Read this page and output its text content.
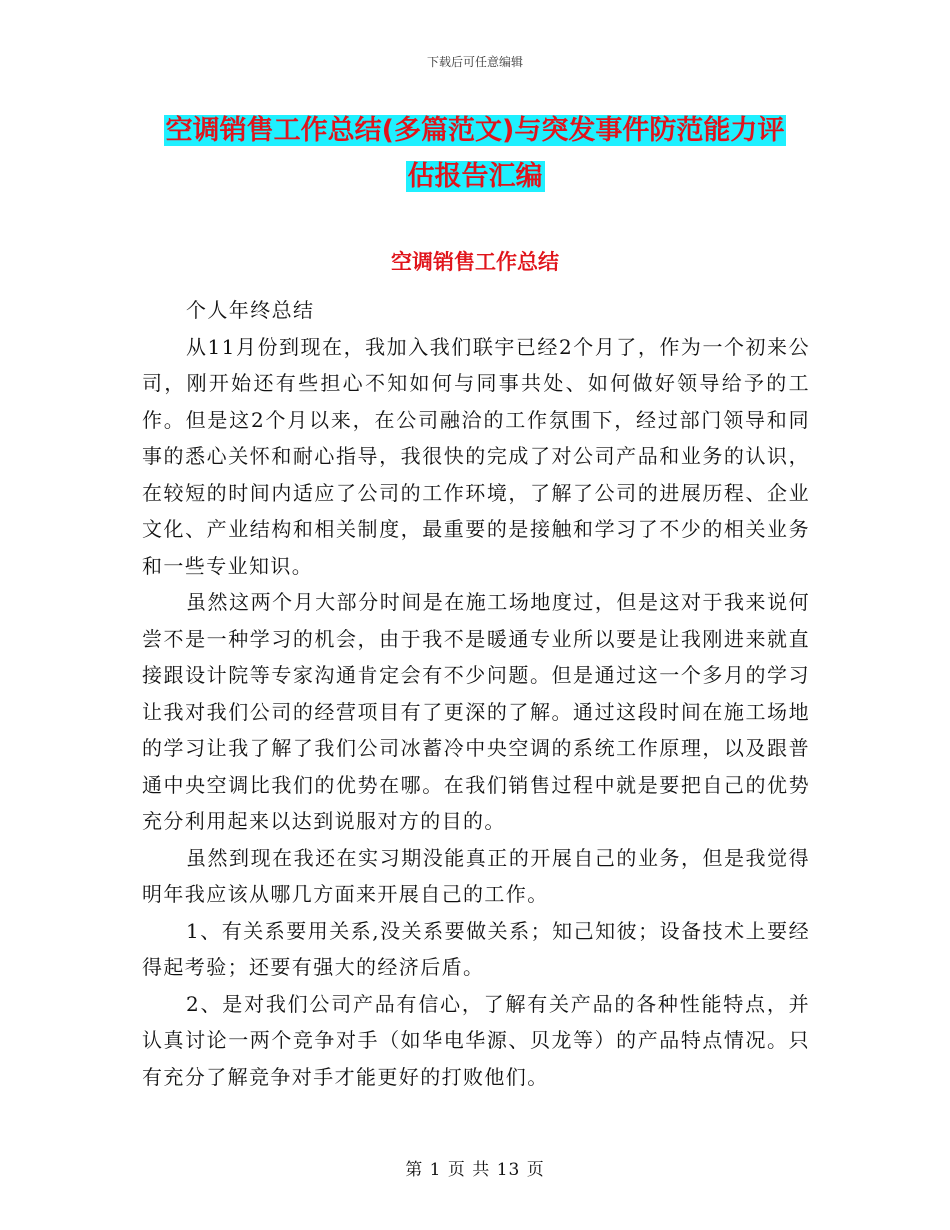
下载后可任意编辑
空调销售工作总结(多篇范文)与突发事件防范能力评
估报告汇编
空调销售工作总结

个人年终总结

从11月份到现在，我加入我们联宇已经2个月了，作为一个初来公司，刚开始还有些担心不知如何与同事共处、如何做好领导给予的工作。但是这2个月以来，在公司融洽的工作氛围下，经过部门领导和同事的悉心关怀和耐心指导，我很快的完成了对公司产品和业务的认识，在较短的时间内适应了公司的工作环境，了解了公司的进展历程、企业文化、产业结构和相关制度，最重要的是接触和学习了不少的相关业务和一些专业知识。

虽然这两个月大部分时间是在施工场地度过，但是这对于我来说何尝不是一种学习的机会，由于我不是暖通专业所以要是让我刚进来就直接跟设计院等专家沟通肯定会有不少问题。但是通过这一个多月的学习让我对我们公司的经营项目有了更深的了解。通过这段时间在施工场地的学习让我了解了我们公司冰蓄冷中央空调的系统工作原理，以及跟普通中央空调比我们的优势在哪。在我们销售过程中就是要把自己的优势充分利用起来以达到说服对方的目的。

虽然到现在我还在实习期没能真正的开展自己的业务，但是我觉得明年我应该从哪几方面来开展自己的工作。

1、有关系要用关系,没关系要做关系；知己知彼；设备技术上要经得起考验；还要有强大的经济后盾。

2、是对我们公司产品有信心，了解有关产品的各种性能特点，并认真讨论一两个竞争对手（如华电华源、贝龙等）的产品特点情况。只有充分了解竞争对手才能更好的打败他们。

第 1 页 共 13 页
